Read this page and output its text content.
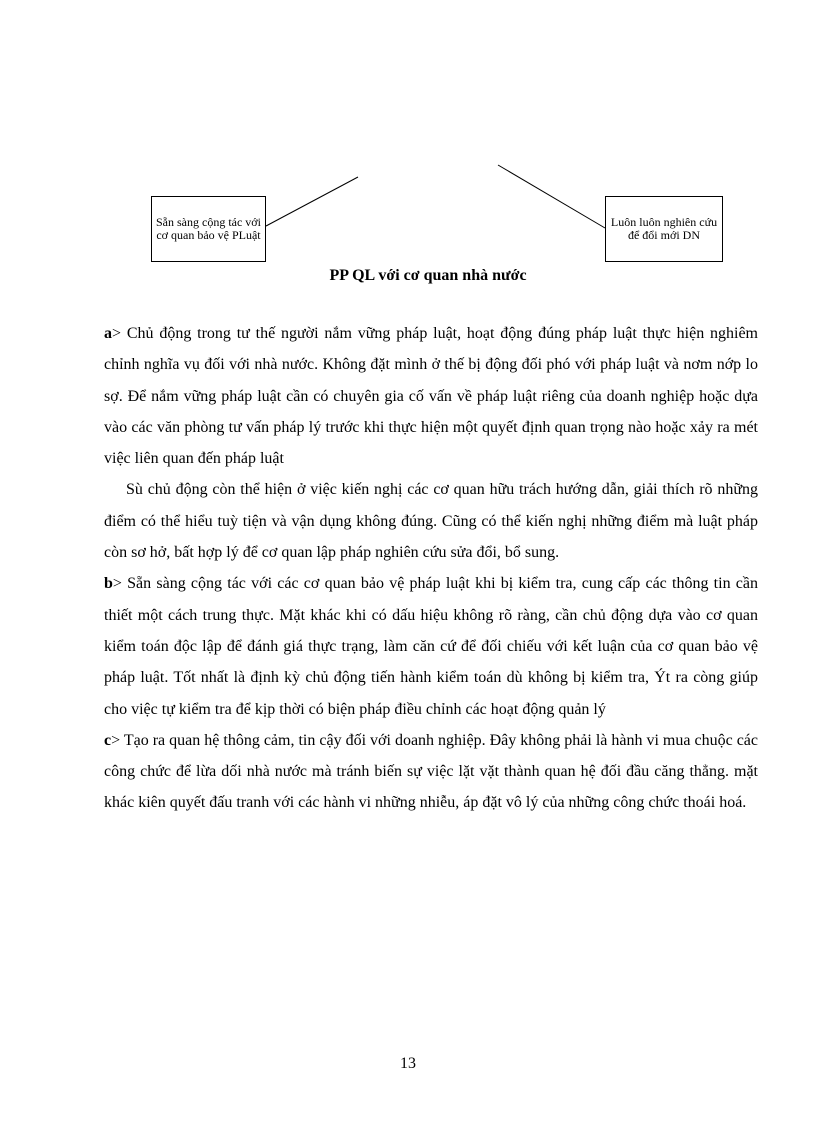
Sẵn sàng cộng tác với cơ quan bảo vệ PLuật
Luôn luôn nghiên cứu để đổi mới DN
PP QL với cơ quan nhà nước

a> Chủ động trong tư thế người nắm vững pháp luật, hoạt động đúng pháp luật thực hiện nghiêm chỉnh nghĩa vụ đối với nhà nước. Không đặt mình ở thế bị động đối phó với pháp luật và nơm nớp lo sợ. Để nắm vững pháp luật cần có chuyên gia cố vấn về pháp luật riêng của doanh nghiệp hoặc dựa vào các văn phòng tư vấn pháp lý trước khi thực hiện một quyết định quan trọng nào hoặc xảy ra mét việc liên quan đến pháp luật

Sù chủ động còn thể hiện ở việc kiến nghị các cơ quan hữu trách hướng dẫn, giải thích rõ những điểm có thể hiểu tuỳ tiện và vận dụng không đúng. Cũng có thể kiến nghị những điểm mà luật pháp còn sơ hở, bất hợp lý để cơ quan lập pháp nghiên cứu sửa đổi, bổ sung.

b> Sẵn sàng cộng tác với các cơ quan bảo vệ pháp luật khi bị kiểm tra, cung cấp các thông tin cần thiết một cách trung thực. Mặt khác khi có dấu hiệu không rõ ràng, cần chủ động dựa vào cơ quan kiểm toán độc lập để đánh giá thực trạng, làm căn cứ để đối chiếu với kết luận của cơ quan bảo vệ pháp luật. Tốt nhất là định kỳ chủ động tiến hành kiểm toán dù không bị kiểm tra, Ýt ra còng giúp cho việc tự kiểm tra để kịp thời có biện pháp điều chỉnh các hoạt động quản lý

c> Tạo ra quan hệ thông cảm, tin cậy đối với doanh nghiệp. Đây không phải là hành vi mua chuộc các công chức để lừa dối nhà nước mà tránh biến sự việc lặt vặt thành quan hệ đối đầu căng thẳng. mặt khác kiên quyết đấu tranh với các hành vi những nhiễu, áp đặt vô lý của những công chức thoái hoá.

13
